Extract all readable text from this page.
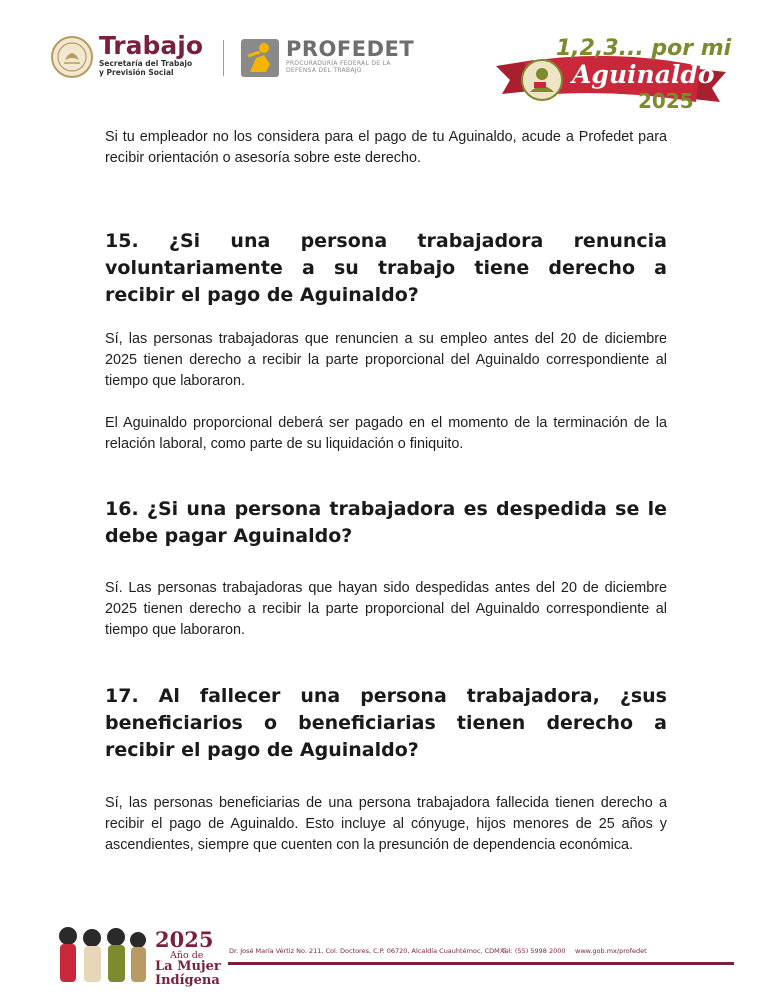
Trabajo
Secretaría del Trabajo
y Previsión Social
PROFEDET
PROCURADURÍA FEDERAL DE LA
DEFENSA DEL TRABAJO
1,2,3... por mi
Aguinaldo
2025

Si tu empleador no los considera para el pago de tu Aguinaldo, acude a Profedet para recibir orientación o asesoría sobre este derecho.

15. ¿Si una persona trabajadora renuncia voluntariamente a su trabajo tiene derecho a recibir el pago de Aguinaldo?

Sí, las personas trabajadoras que renuncien a su empleo antes del 20 de diciembre 2025 tienen derecho a recibir la parte proporcional del Aguinaldo correspondiente al tiempo que laboraron.

El Aguinaldo proporcional deberá ser pagado en el momento de la terminación de la relación laboral, como parte de su liquidación o finiquito.

16. ¿Si una persona trabajadora es despedida se le debe pagar Aguinaldo?

Sí. Las personas trabajadoras que hayan sido despedidas antes del 20 de diciembre 2025 tienen derecho a recibir la parte proporcional del Aguinaldo correspondiente al tiempo que laboraron.

17. Al fallecer una persona trabajadora, ¿sus beneficiarios o beneficiarias tienen derecho a recibir el pago de Aguinaldo?

Sí, las personas beneficiarias de una persona trabajadora fallecida tienen derecho a recibir el pago de Aguinaldo. Esto incluye al cónyuge, hijos menores de 25 años y ascendientes, siempre que cuenten con la presunción de dependencia económica.

2025
Año de
La Mujer
Indígena
Dr. José María Vértiz No. 211, Col. Doctores, C.P. 06720, Alcaldía Cuauhtémoc, CDMX.
Tel: (55) 5998 2000 www.gob.mx/profedet
